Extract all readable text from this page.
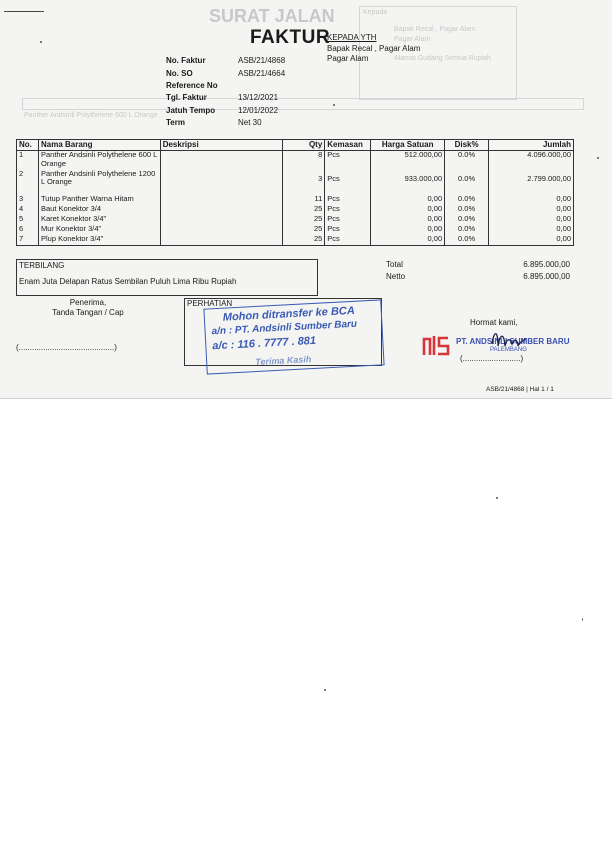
SURAT JALAN	Kepada
Bapak Recal , Pagar Alam
Pagar Alam
Alamat Gudang Semua Rupiah
Panther Andsinli Polythelene 600 L Orange
FAKTUR
KEPADA YTH
Bapak Recal , Pagar Alam
Pagar Alam
No. Faktur	ASB/21/4868
No. SO	ASB/21/4664
Reference No
Tgl. Faktur	13/12/2021
Jatuh Tempo	12/01/2022
Term	Net 30
No.	Nama Barang	Deskripsi	Qty	Kemasan	Harga Satuan	Disk%	Jumlah
1	Panther Andsinli Polythelene 600 L Orange		8	Pcs	512.000,00	0.0%	4.096.000,00
2	Panther Andsinli Polythelene 1200 L Orange		3	Pcs	933.000,00	0.0%	2.799.000,00
3	Tutup Panther Warna Hitam		11	Pcs	0,00	0.0%	0,00
4	Baut Konektor 3/4		25	Pcs	0,00	0.0%	0,00
5	Karet Konektor 3/4"		25	Pcs	0,00	0.0%	0,00
6	Mur Konektor 3/4"		25	Pcs	0,00	0.0%	0,00
7	Plup Konektor 3/4"		25	Pcs	0,00	0.0%	0,00
TERBILANG
Enam Juta Delapan Ratus Sembilan Puluh Lima Ribu Rupiah
Total	6.895.000,00
Netto	6.895.000,00
Penerima,
Tanda Tangan / Cap
(...........................................)
PERHATIAN
Mohon ditransfer ke BCA
a/n : PT. Andsinli Sumber Baru
a/c : 116 . 7777 . 881
Terima Kasih
Hormat kami,
PT. ANDSINLI SUMBER BARU
PALEMBANG
(..........................)
ASB/21/4868 | Hal 1 / 1
